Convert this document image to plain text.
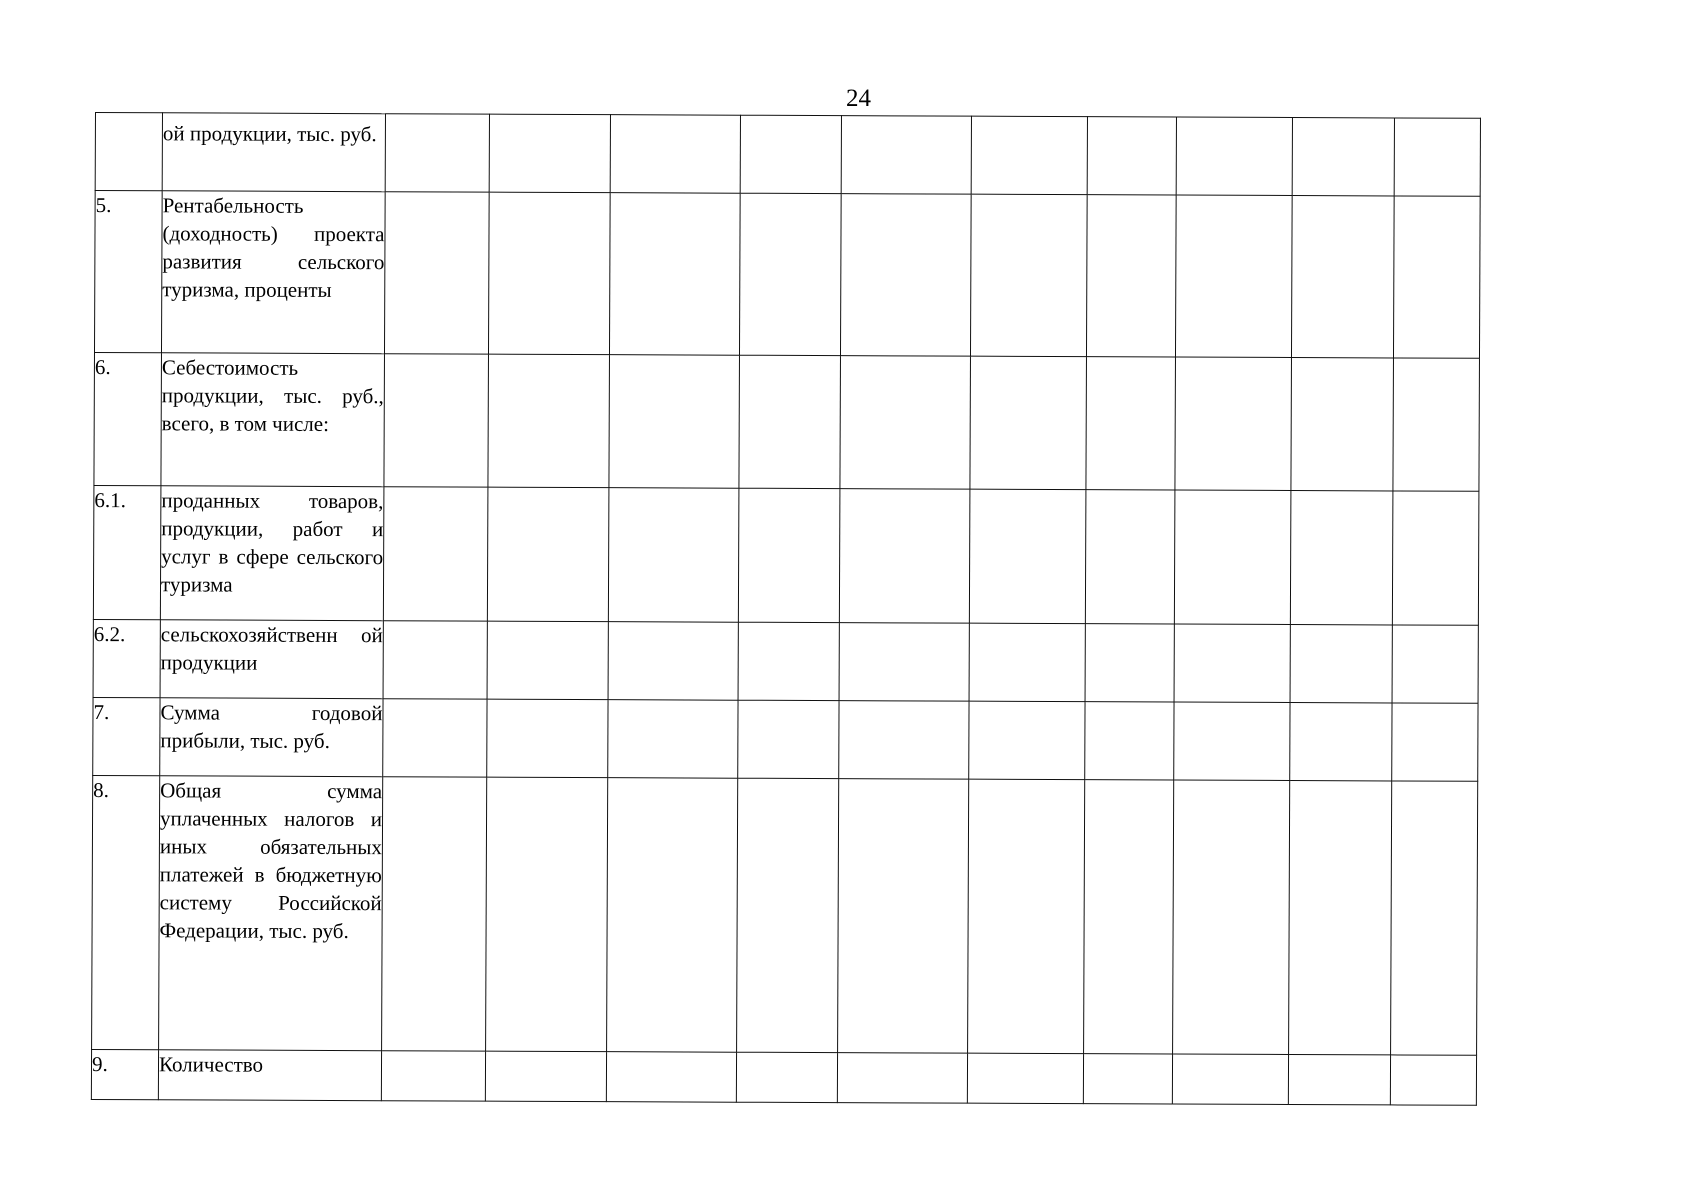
24
	ой продукции, тыс. руб.										
5.	Рентабельность (доходность) проекта развития сельского туризма, проценты										
6.	Себестоимость продукции, тыс. руб., всего, в том числе:										
6.1.	проданных товаров, продукции, работ и услуг в сфере сельского туризма										
6.2.	сельскохозяйственн ой продукции										
7.	Сумма годовой прибыли, тыс. руб.										
8.	Общая сумма уплаченных налогов и иных обязательных платежей в бюджетную систему Российской Федерации, тыс. руб.										
9.	Количество										
